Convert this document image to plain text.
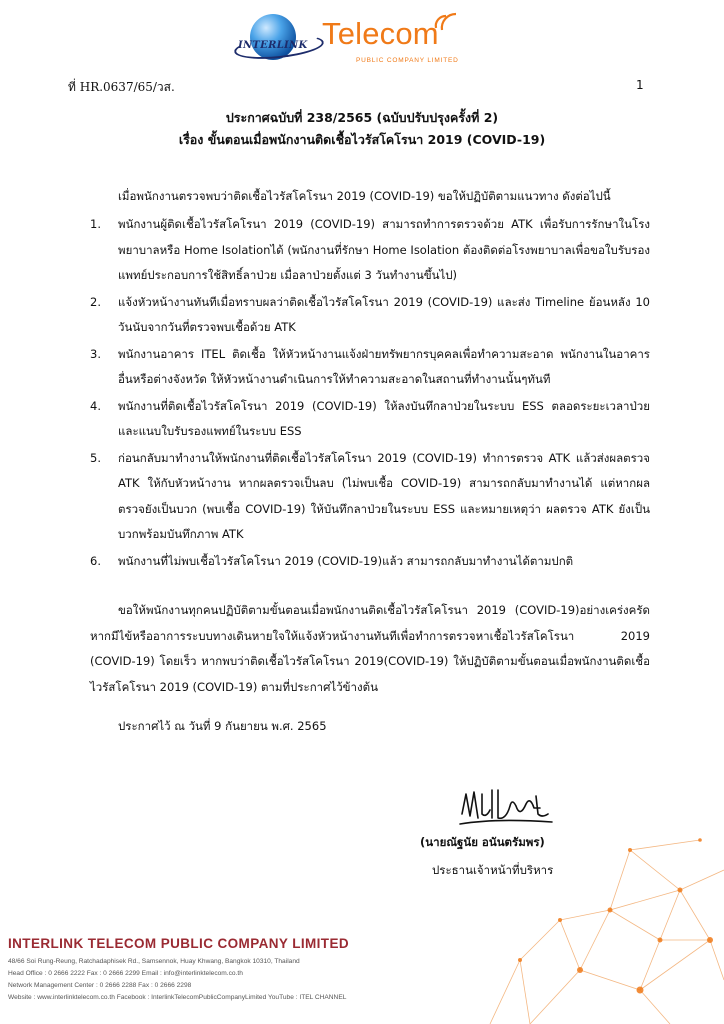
INTERLINK Telecom
PUBLIC COMPANY LIMITED
ที่ HR.0637/65/วส.	1
ประกาศฉบับที่ 238/2565 (ฉบับปรับปรุงครั้งที่ 2)
เรื่อง ขั้นตอนเมื่อพนักงานติดเชื้อไวรัสโคโรนา 2019 (COVID-19)
เมื่อพนักงานตรวจพบว่าติดเชื้อไวรัสโคโรนา 2019 (COVID-19) ขอให้ปฏิบัติตามแนวทาง ดังต่อไปนี้
1. พนักงานผู้ติดเชื้อไวรัสโคโรนา 2019 (COVID-19) สามารถทำการตรวจด้วย ATK เพื่อรับการรักษาในโรงพยาบาลหรือ Home Isolationได้ (พนักงานที่รักษา Home Isolation ต้องติดต่อโรงพยาบาลเพื่อขอใบรับรองแพทย์ประกอบการใช้สิทธิ์ลาป่วย เมื่อลาป่วยตั้งแต่ 3 วันทำงานขึ้นไป)
2. แจ้งหัวหน้างานทันทีเมื่อทราบผลว่าติดเชื้อไวรัสโคโรนา 2019 (COVID-19) และส่ง Timeline ย้อนหลัง 10 วันนับจากวันที่ตรวจพบเชื้อด้วย ATK
3. พนักงานอาคาร ITEL ติดเชื้อ ให้หัวหน้างานแจ้งฝ่ายทรัพยากรบุคคลเพื่อทำความสะอาด พนักงานในอาคารอื่นหรือต่างจังหวัด ให้หัวหน้างานดำเนินการให้ทำความสะอาดในสถานที่ทำงานนั้นๆทันที
4. พนักงานที่ติดเชื้อไวรัสโคโรนา 2019 (COVID-19) ให้ลงบันทึกลาป่วยในระบบ ESS ตลอดระยะเวลาป่วยและแนบใบรับรองแพทย์ในระบบ ESS
5. ก่อนกลับมาทำงานให้พนักงานที่ติดเชื้อไวรัสโคโรนา 2019 (COVID-19) ทำการตรวจ ATK แล้วส่งผลตรวจ ATK ให้กับหัวหน้างาน หากผลตรวจเป็นลบ (ไม่พบเชื้อ COVID-19) สามารถกลับมาทำงานได้ แต่หากผลตรวจยังเป็นบวก (พบเชื้อ COVID-19) ให้บันทึกลาป่วยในระบบ ESS และหมายเหตุว่า ผลตรวจ ATK ยังเป็นบวกพร้อมบันทึกภาพ ATK
6. พนักงานที่ไม่พบเชื้อไวรัสโคโรนา 2019 (COVID-19)แล้ว สามารถกลับมาทำงานได้ตามปกติ
ขอให้พนักงานทุกคนปฏิบัติตามขั้นตอนเมื่อพนักงานติดเชื้อไวรัสโคโรนา 2019 (COVID-19)อย่างเคร่งครัด หากมีไข้หรืออาการระบบทางเดินหายใจให้แจ้งหัวหน้างานทันทีเพื่อทำการตรวจหาเชื้อไวรัสโคโรนา 2019 (COVID-19) โดยเร็ว หากพบว่าติดเชื้อไวรัสโคโรนา 2019(COVID-19) ให้ปฏิบัติตามขั้นตอนเมื่อพนักงานติดเชื้อไวรัสโคโรนา 2019 (COVID-19) ตามที่ประกาศไว้ข้างต้น
ประกาศไว้ ณ วันที่ 9 กันยายน พ.ศ. 2565
(นายณัฐนัย อนันตรัมพร)
ประธานเจ้าหน้าที่บริหาร
INTERLINK TELECOM PUBLIC COMPANY LIMITED
48/66 Soi Rung-Reung, Ratchadaphisek Rd., Samsennok, Huay Khwang, Bangkok 10310, Thailand
Head Office : 0 2666 2222 Fax : 0 2666 2299 Email : info@interlinktelecom.co.th
Network Management Center : 0 2666 2288 Fax : 0 2666 2298
Website : www.interlinktelecom.co.th Facebook : InterlinkTelecomPublicCompanyLimited YouTube : ITEL CHANNEL
